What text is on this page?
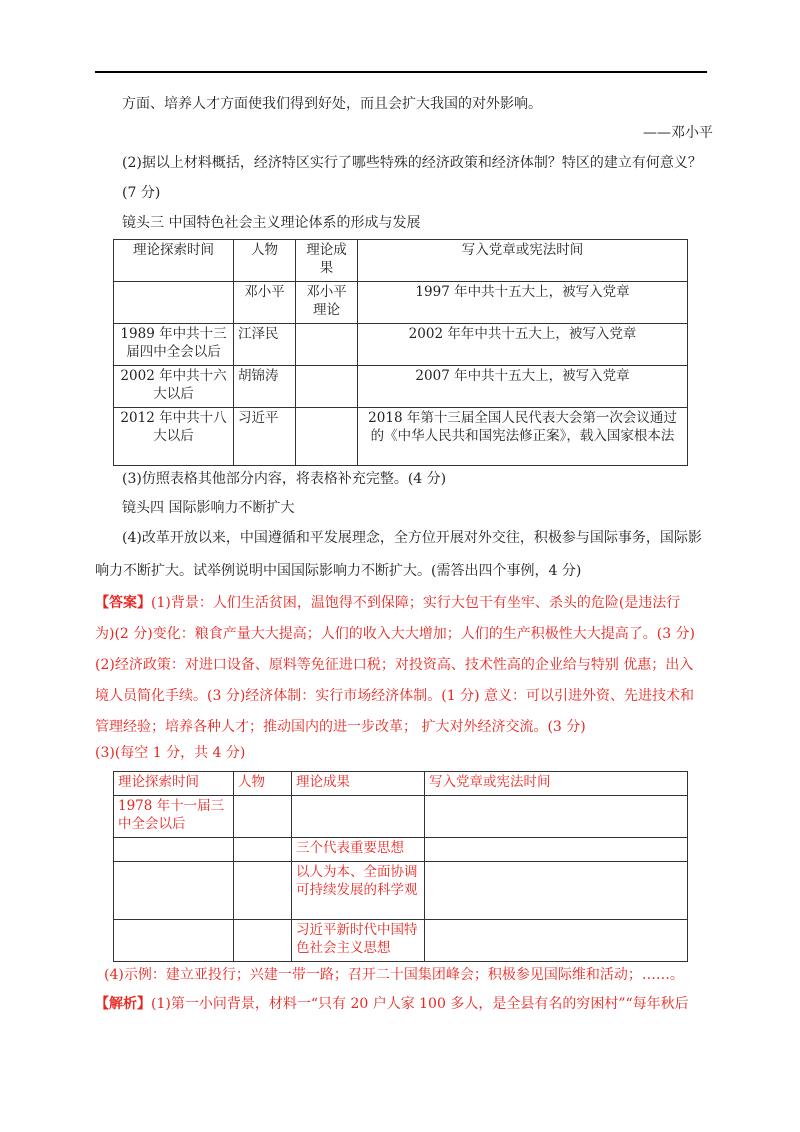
方面、培养人才方面使我们得到好处，而且会扩大我国的对外影响。
——邓小平
(2)据以上材料概括，经济特区实行了哪些特殊的经济政策和经济体制？特区的建立有何意义？
(7 分)
镜头三 中国特色社会主义理论体系的形成与发展
理论探索时间	人物	理论成果	写入党章或宪法时间
	邓小平	邓小平理论	1997 年中共十五大上，被写入党章
1989 年中共十三届四中全会以后	江泽民		2002 年年中共十五大上，被写入党章
2002 年中共十六大以后	胡锦涛		2007 年中共十五大上，被写入党章
2012 年中共十八大以后	习近平		2018 年第十三届全国人民代表大会第一次会议通过的《中华人民共和国宪法修正案》，载入国家根本法
(3)仿照表格其他部分内容，将表格补充完整。(4 分)
镜头四 国际影响力不断扩大
(4)改革开放以来，中国遵循和平发展理念，全方位开展对外交往，积极参与国际事务，国际影
响力不断扩大。试举例说明中国国际影响力不断扩大。(需答出四个事例，4 分)
【答案】(1)背景：人们生活贫困，温饱得不到保障；实行大包干有坐牢、杀头的危险(是违法行
为)(2 分)变化：粮食产量大大提高；人们的收入大大增加；人们的生产积极性大大提高了。(3 分)
(2)经济政策：对进口设备、原料等免征进口税；对投资高、技术性高的企业给与特别 优惠；出入
境人员简化手续。(3 分)经济体制：实行市场经济体制。(1 分) 意义：可以引进外资、先进技术和
管理经验；培养各种人才；推动国内的进一步改革； 扩大对外经济交流。(3 分)
(3)(每空 1 分，共 4 分)
理论探索时间	人物	理论成果	写入党章或宪法时间
1978 年十一届三中全会以后			
		三个代表重要思想	
		以人为本、全面协调可持续发展的科学观	
		习近平新时代中国特色社会主义思想	
(4)示例：建立亚投行；兴建一带一路；召开二十国集团峰会；积极参见国际维和活动；……。
【解析】(1)第一小问背景，材料一“只有 20 户人家 100 多人，是全县有名的穷困村”“每年秋后
